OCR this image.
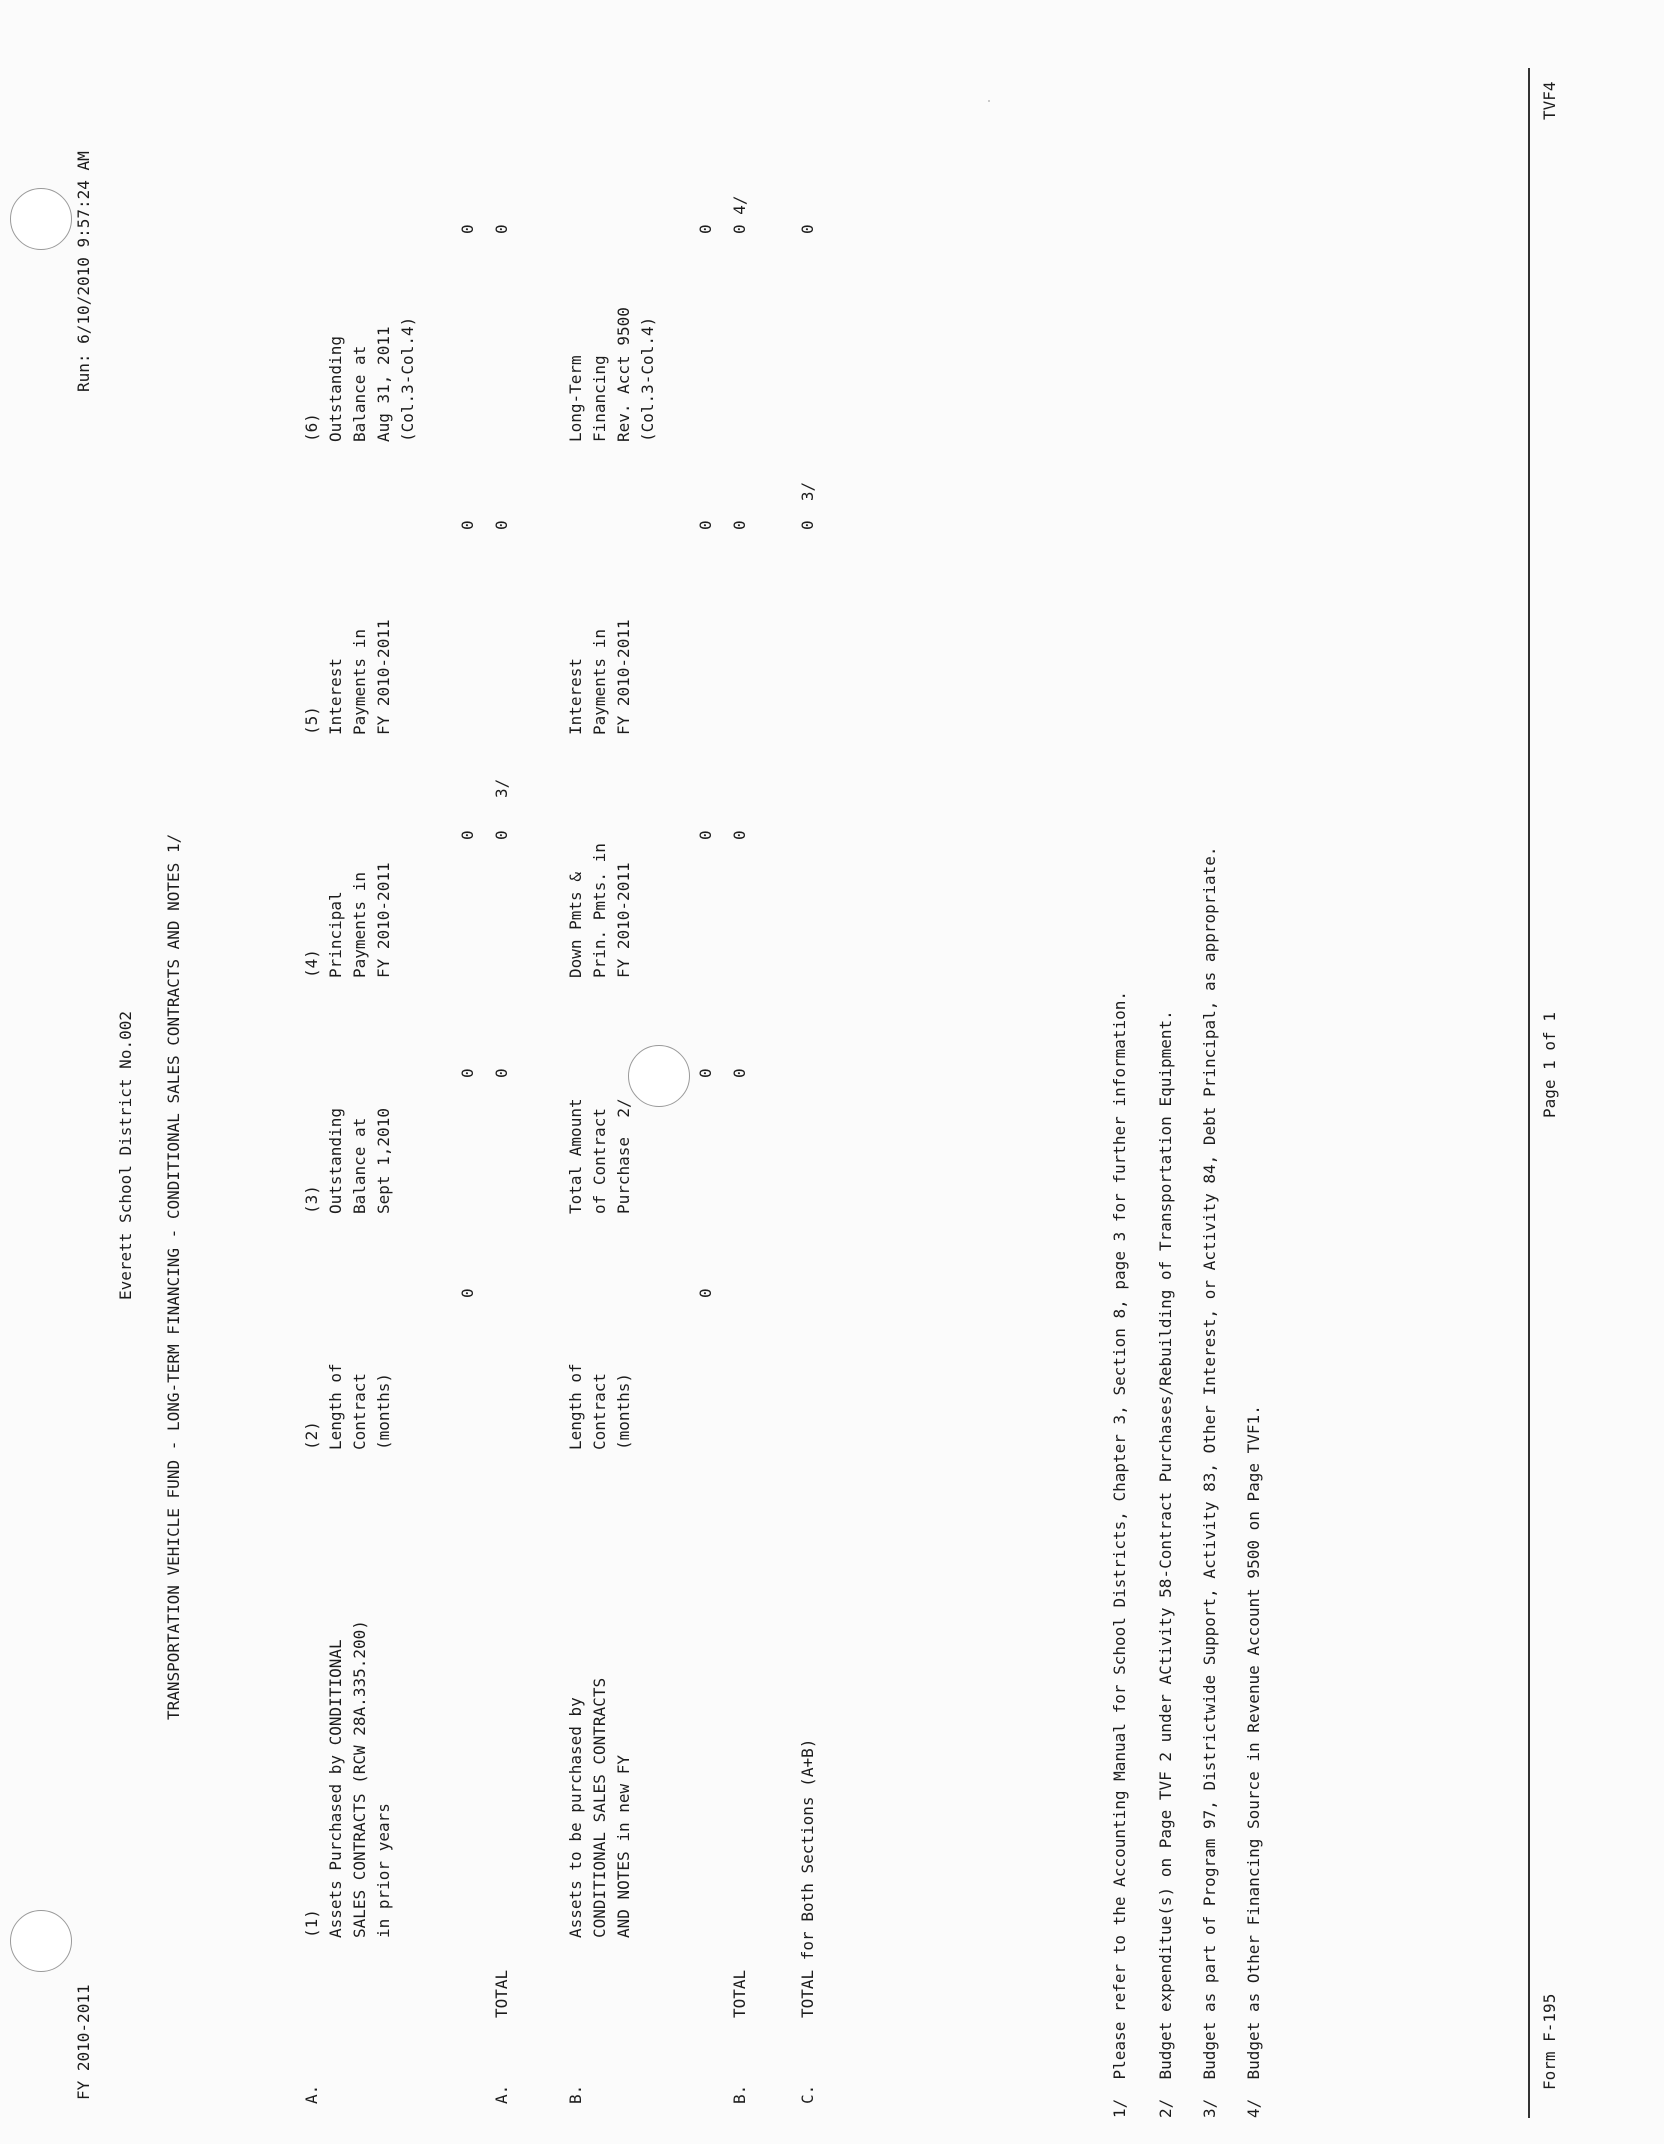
FY 2010-2011
Run: 6/10/2010 9:57:24 AM
Everett School District No.002 TRANSPORTATION VEHICLE FUND - LONG-TERM FINANCING - CONDITIONAL SALES CONTRACTS AND NOTES 1/
A.
(1) Assets Purchased by CONDITIONAL SALES CONTRACTS (RCW 28A.335.200) in prior years
(2) Length of Contract (months)
(3) Outstanding Balance at Sept 1,2010
(4) Principal Payments in FY 2010-2011
(5) Interest Payments in FY 2010-2011
(6) Outstanding Balance at Aug 31, 2011 (Col.3-Col.4)
0
0
0
0
0
A.
TOTAL
0
0
3/
0
0
B.
Assets to be purchased by CONDITIONAL SALES CONTRACTS AND NOTES in new FY
Length of Contract (months)
Total Amount of Contract Purchase  2/
Down Pmts & Prin. Pmts. in FY 2010-2011
Interest Payments in FY 2010-2011
Long-Term Financing Rev. Acct 9500 (Col.3-Col.4)
0
0
0
0
0
B.
TOTAL
0
0
0
0 4/
C.
TOTAL for Both Sections (A+B)
0  3/
0
1/  Please refer to the Accounting Manual for School Districts, Chapter 3, Section 8, page 3 for further information. 2/  Budget expenditue(s) on Page TVF 2 under ACtivity 58-Contract Purchases/Rebuilding of Transportation Equipment. 3/  Budget as part of Program 97, Districtwide Support, Activity 83, Other Interest, or Activity 84, Debt Principal, as appropriate. 4/  Budget as Other Financing Source in Revenue Account 9500 on Page TVF1.	Form F-195
Page 1 of 1
TVF4
